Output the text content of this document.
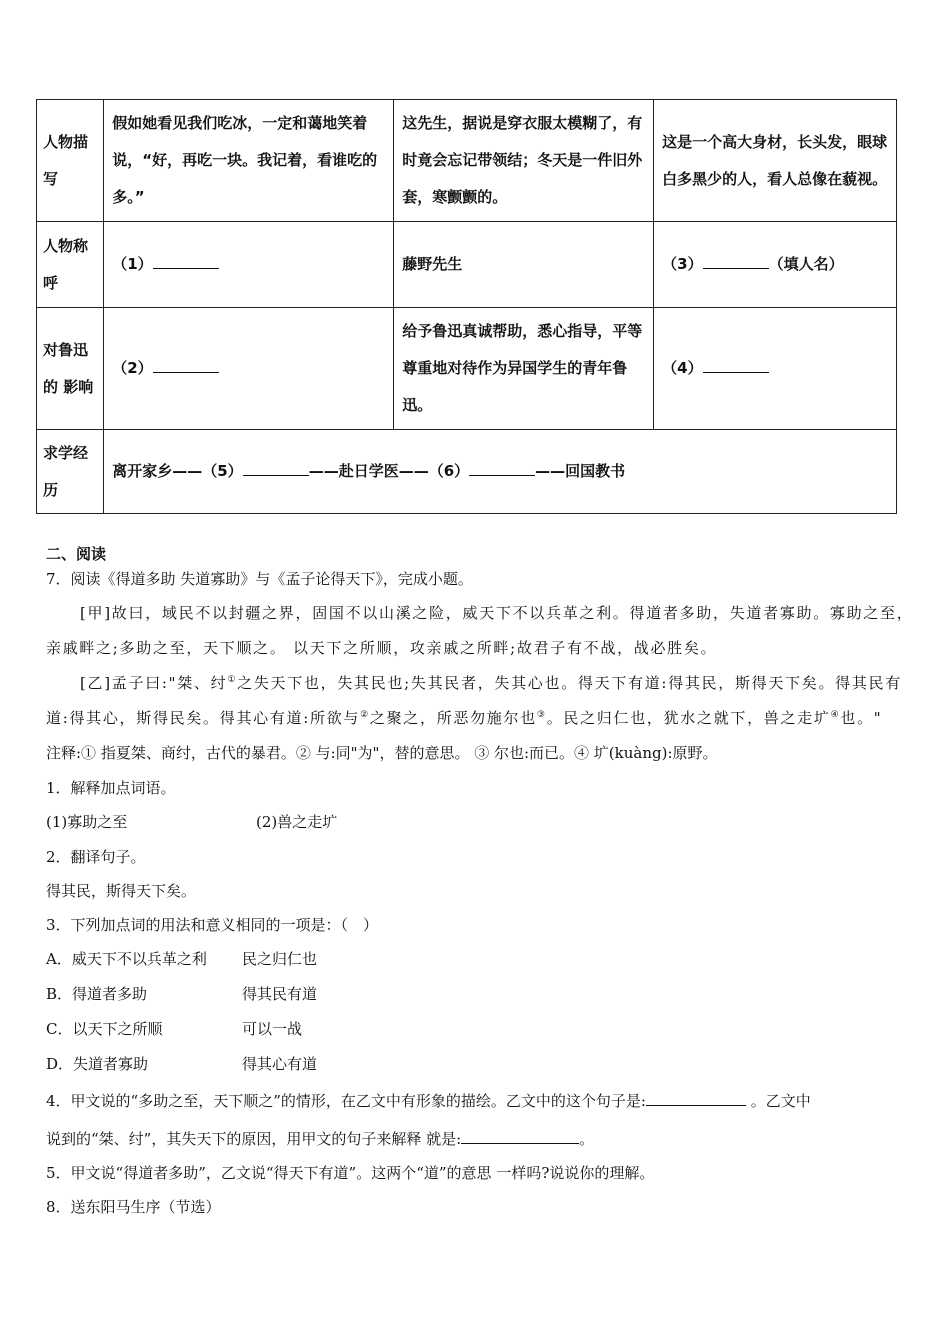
人物描写	假如她看见我们吃冰，一定和蔼地笑着说，“好，再吃一块。我记着，看谁吃的多。”	这先生，据说是穿衣服太模糊了，有时竟会忘记带领结；冬天是一件旧外套，寒颤颤的。	这是一个高大身材，长头发，眼球白多黑少的人，看人总像在藐视。
人物称呼	（1）	藤野先生	（3） （填人名）
对鲁迅的 影响	（2）	给予鲁迅真诚帮助，悉心指导，平等尊重地对待作为异国学生的青年鲁迅。	（4）
求学经历	离开家乡——（5） ——赴日学医——（6） ——回国教书		
二、阅读
7．阅读《得道多助 失道寡助》与《孟子论得天下》，完成小题。
[甲]故曰，域民不以封疆之界，固国不以山溪之险，威天下不以兵革之利。得道者多助，失道者寡助。寡助之至，
亲戚畔之;多助之至，天下顺之。 以天下之所顺，攻亲戚之所畔;故君子有不战，战必胜矣。
[乙]孟子曰:"桀、纣①之失天下也，失其民也;失其民者，失其心也。得天下有道:得其民，斯得天下矣。得其民有
道:得其心，斯得民矣。得其心有道:所欲与②之聚之，所恶勿施尔也③。民之归仁也，犹水之就下，兽之走圹④也。"
注释:① 指夏桀、商纣，古代的暴君。② 与:同"为"，替的意思。 ③ 尔也:而已。④ 圹(kuàng):原野。
1．解释加点词语。
(1)寡助之至	(2)兽之走圹
2．翻译句子。
得其民，斯得天下矣。
3．下列加点词的用法和意义相同的一项是：（　）
A．威天下不以兵革之利 民之归仁也
B．得道者多助	得其民有道
C．以天下之所顺	可以一战
D．失道者寡助	得其心有道
4．甲文说的“多助之至，天下顺之”的情形，在乙文中有形象的描绘。乙文中的这个句子是:	。乙文中
说到的“桀、纣”，其失天下的原因，用甲文的句子来解释 就是:	。
5．甲文说“得道者多助”，乙文说“得天下有道”。这两个“道”的意思 一样吗?说说你的理解。
8．送东阳马生序（节选）
